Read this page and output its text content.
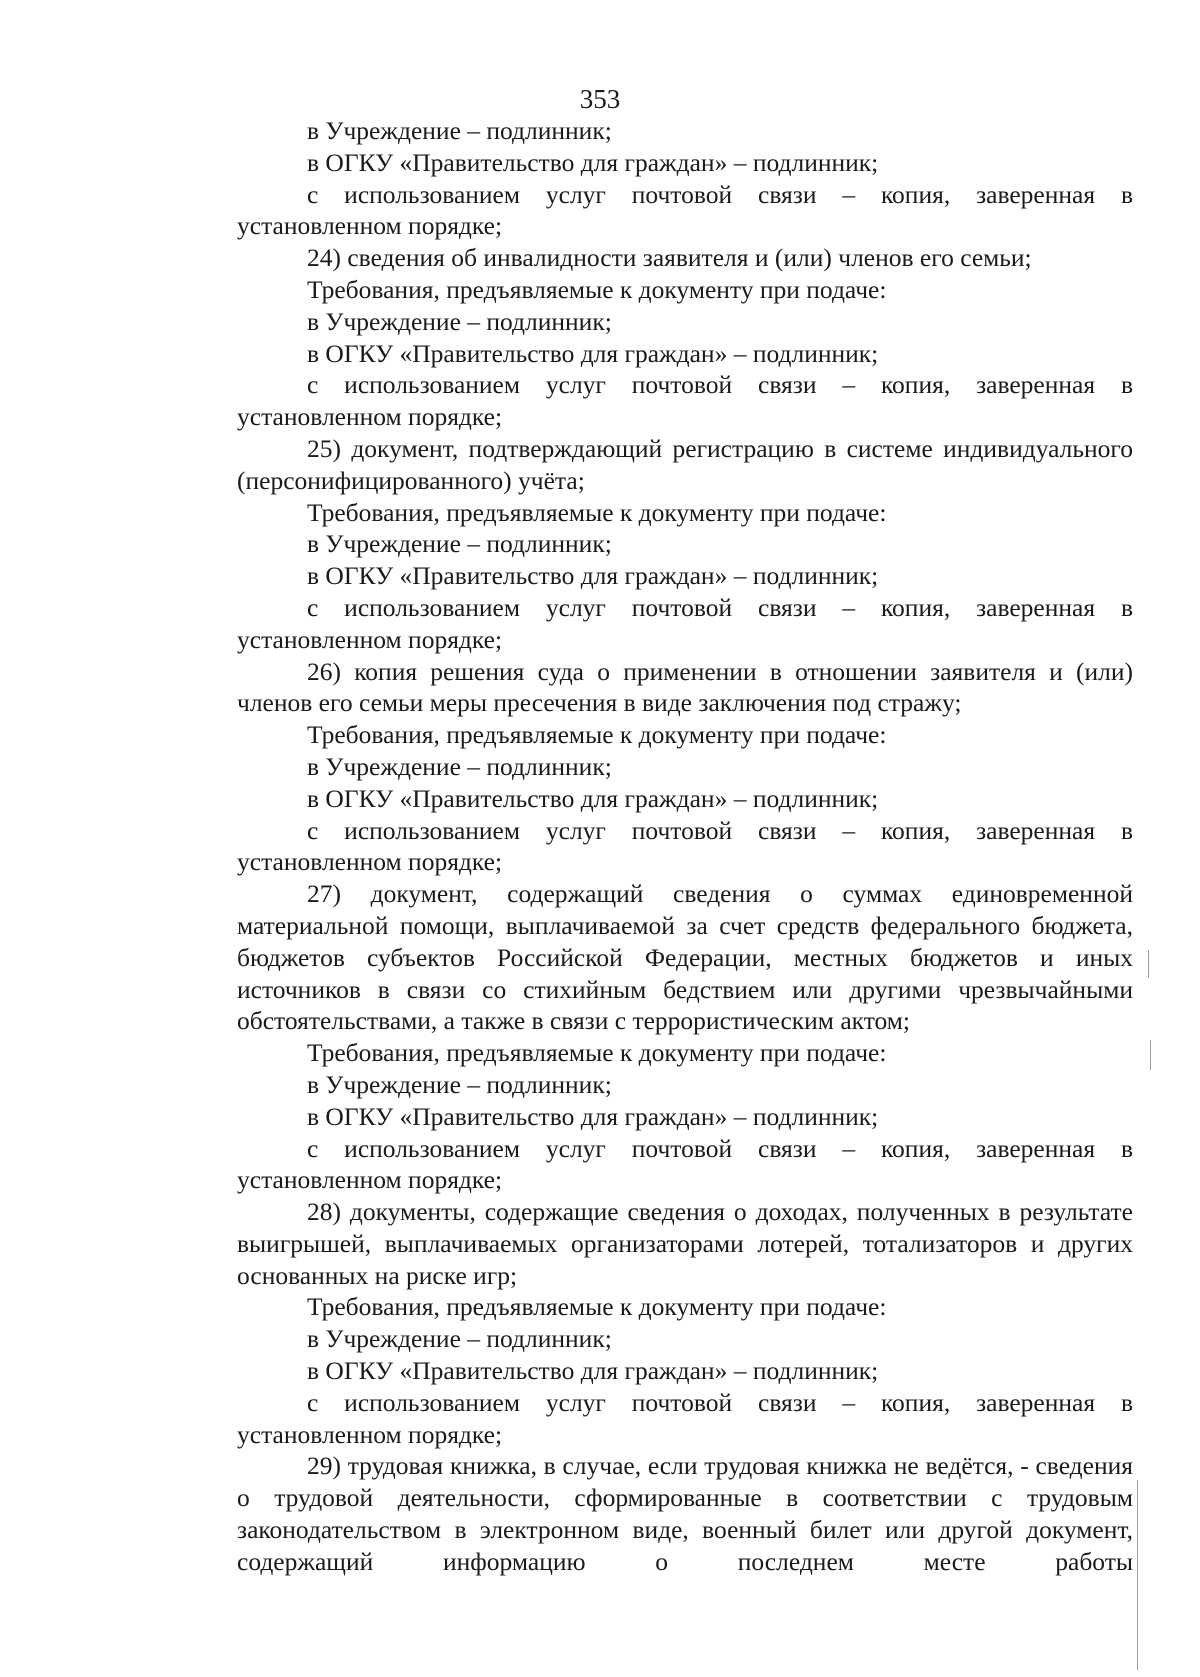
353

в Учреждение – подлинник;

в ОГКУ «Правительство для граждан» – подлинник;

с использованием услуг почтовой связи – копия, заверенная в установленном порядке;

24) сведения об инвалидности заявителя и (или) членов его семьи;

Требования, предъявляемые к документу при подаче:

в Учреждение – подлинник;

в ОГКУ «Правительство для граждан» – подлинник;

с использованием услуг почтовой связи – копия, заверенная в установленном порядке;

25) документ, подтверждающий регистрацию в системе индивидуального (персонифицированного) учёта;

Требования, предъявляемые к документу при подаче:

в Учреждение – подлинник;

в ОГКУ «Правительство для граждан» – подлинник;

с использованием услуг почтовой связи – копия, заверенная в установленном порядке;

26) копия решения суда о применении в отношении заявителя и (или) членов его семьи меры пресечения в виде заключения под стражу;

Требования, предъявляемые к документу при подаче:

в Учреждение – подлинник;

в ОГКУ «Правительство для граждан» – подлинник;

с использованием услуг почтовой связи – копия, заверенная в установленном порядке;

27) документ, содержащий сведения о суммах единовременной материальной помощи, выплачиваемой за счет средств федерального бюджета, бюджетов субъектов Российской Федерации, местных бюджетов и иных источников в связи со стихийным бедствием или другими чрезвычайными обстоятельствами, а также в связи с террористическим актом;

Требования, предъявляемые к документу при подаче:

в Учреждение – подлинник;

в ОГКУ «Правительство для граждан» – подлинник;

с использованием услуг почтовой связи – копия, заверенная в установленном порядке;

28) документы, содержащие сведения о доходах, полученных в результате выигрышей, выплачиваемых организаторами лотерей, тотализаторов и других основанных на риске игр;

Требования, предъявляемые к документу при подаче:

в Учреждение – подлинник;

в ОГКУ «Правительство для граждан» – подлинник;

с использованием услуг почтовой связи – копия, заверенная в установленном порядке;

29) трудовая книжка, в случае, если трудовая книжка не ведётся, - сведения о трудовой деятельности, сформированные в соответствии с трудовым законодательством в электронном виде, военный билет или другой документ, содержащий информацию о последнем месте работы
